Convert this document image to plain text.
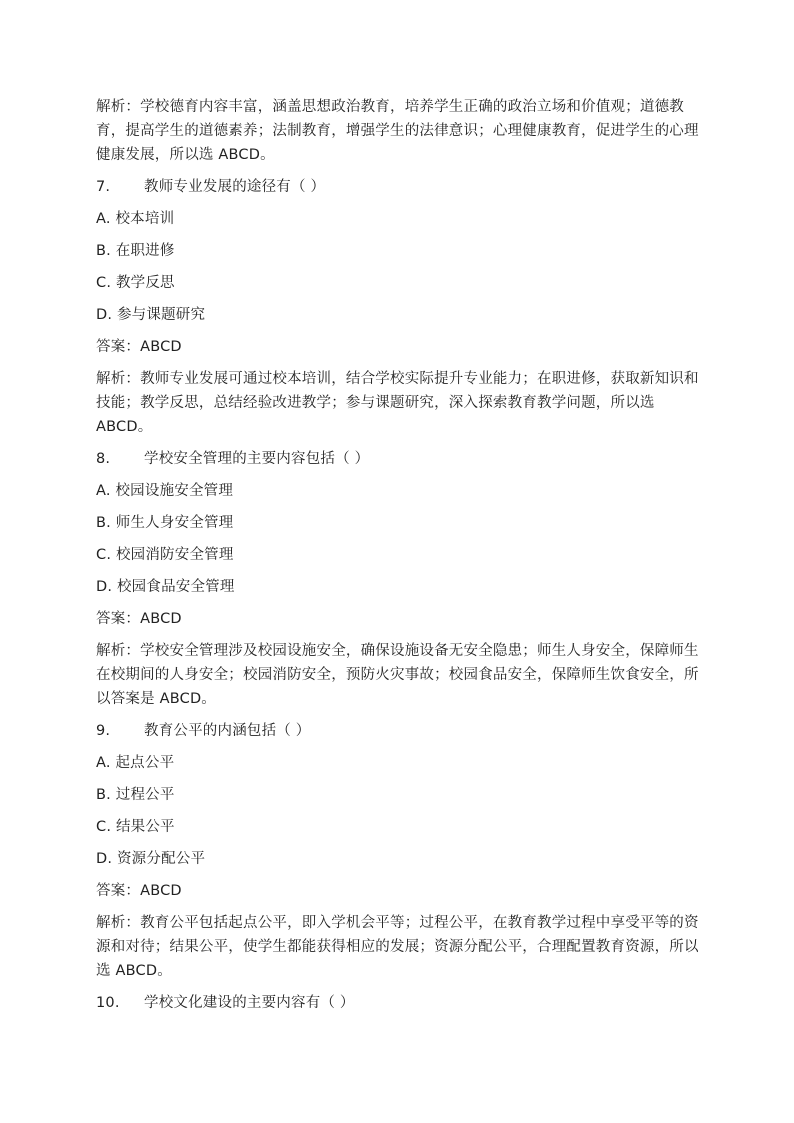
解析：学校德育内容丰富，涵盖思想政治教育，培养学生正确的政治立场和价值观；道德教育，提高学生的道德素养；法制教育，增强学生的法律意识；心理健康教育，促进学生的心理健康发展，所以选 ABCD。
7. 教师专业发展的途径有（ ）
A. 校本培训
B. 在职进修
C. 教学反思
D. 参与课题研究
答案：ABCD
解析：教师专业发展可通过校本培训，结合学校实际提升专业能力；在职进修，获取新知识和技能；教学反思，总结经验改进教学；参与课题研究，深入探索教育教学问题，所以选 ABCD。
8. 学校安全管理的主要内容包括（ ）
A. 校园设施安全管理
B. 师生人身安全管理
C. 校园消防安全管理
D. 校园食品安全管理
答案：ABCD
解析：学校安全管理涉及校园设施安全，确保设施设备无安全隐患；师生人身安全，保障师生在校期间的人身安全；校园消防安全，预防火灾事故；校园食品安全，保障师生饮食安全，所以答案是 ABCD。
9. 教育公平的内涵包括（ ）
A. 起点公平
B. 过程公平
C. 结果公平
D. 资源分配公平
答案：ABCD
解析：教育公平包括起点公平，即入学机会平等；过程公平，在教育教学过程中享受平等的资源和对待；结果公平，使学生都能获得相应的发展；资源分配公平，合理配置教育资源，所以选 ABCD。
10. 学校文化建设的主要内容有（ ）
